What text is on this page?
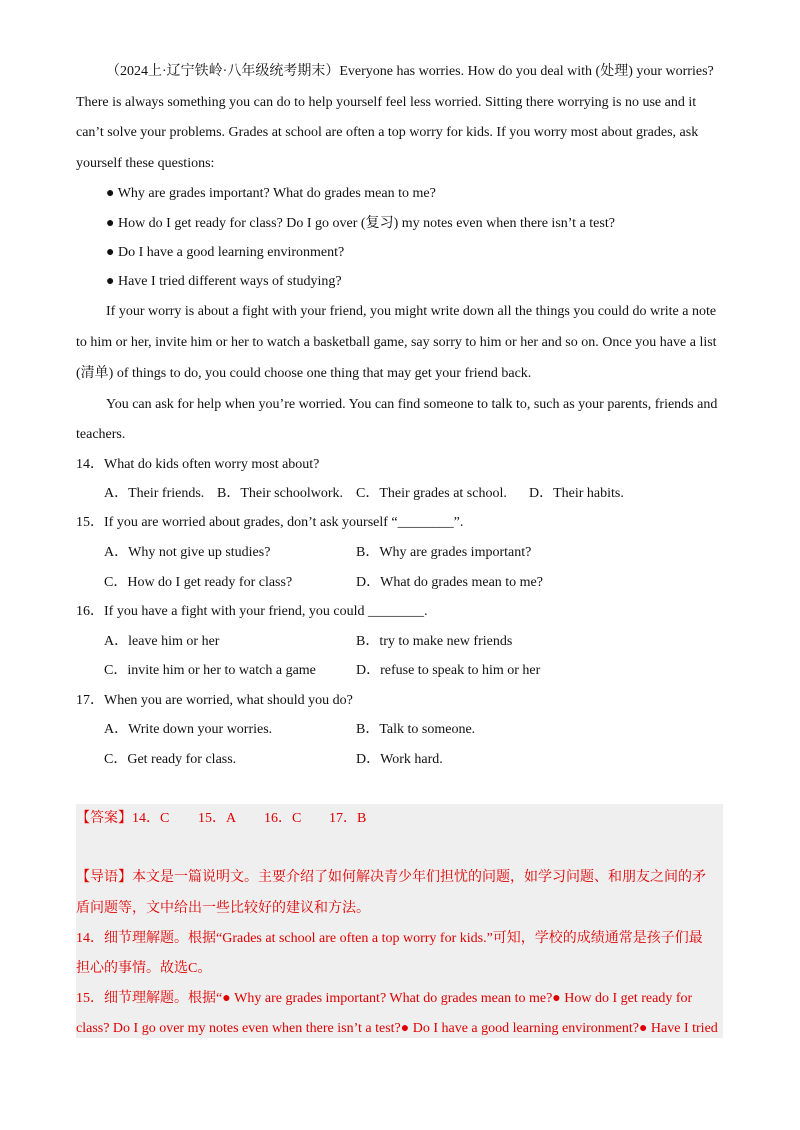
（2024上·辽宁铁岭·八年级统考期末）Everyone has worries. How do you deal with (处理) your worries?
There is always something you can do to help yourself feel less worried. Sitting there worrying is no use and it
can’t solve your problems. Grades at school are often a top worry for kids. If you worry most about grades, ask
yourself these questions:
● Why are grades important? What do grades mean to me?
● How do I get ready for class? Do I go over (复习) my notes even when there isn’t a test?
● Do I have a good learning environment?
● Have I tried different ways of studying?
If your worry is about a fight with your friend, you might write down all the things you could do write a note
to him or her, invite him or her to watch a basketball game, say sorry to him or her and so on. Once you have a list
(清单) of things to do, you could choose one thing that may get your friend back.
You can ask for help when you’re worried. You can find someone to talk to, such as your parents, friends and
teachers.
14．What do kids often worry most about?
A．Their friends. B．Their schoolwork. C．Their grades at school. D．Their habits.
15．If you are worried about grades, don’t ask yourself “________”.
A．Why not give up studies?	B．Why are grades important?
C．How do I get ready for class?	D．What do grades mean to me?
16．If you have a fight with your friend, you could ________.
A．leave him or her	B．try to make new friends
C．invite him or her to watch a game	D．refuse to speak to him or her
17．When you are worried, what should you do?
A．Write down your worries.	B．Talk to someone.
C．Get ready for class.	D．Work hard.
【答案】 14．C 15．A 16．C 17．B
【导语】本文是一篇说明文。主要介绍了如何解决青少年们担忧的问题，如学习问题、和朋友之间的矛
盾问题等，文中给出一些比较好的建议和方法。
14．细节理解题。根据“Grades at school are often a top worry for kids.”可知，学校的成绩通常是孩子们最
担心的事情。故选C。
15．细节理解题。根据“● Why are grades important? What do grades mean to me?● How do I get ready for
class? Do I go over my notes even when there isn’t a test?● Do I have a good learning environment?● Have I tried
